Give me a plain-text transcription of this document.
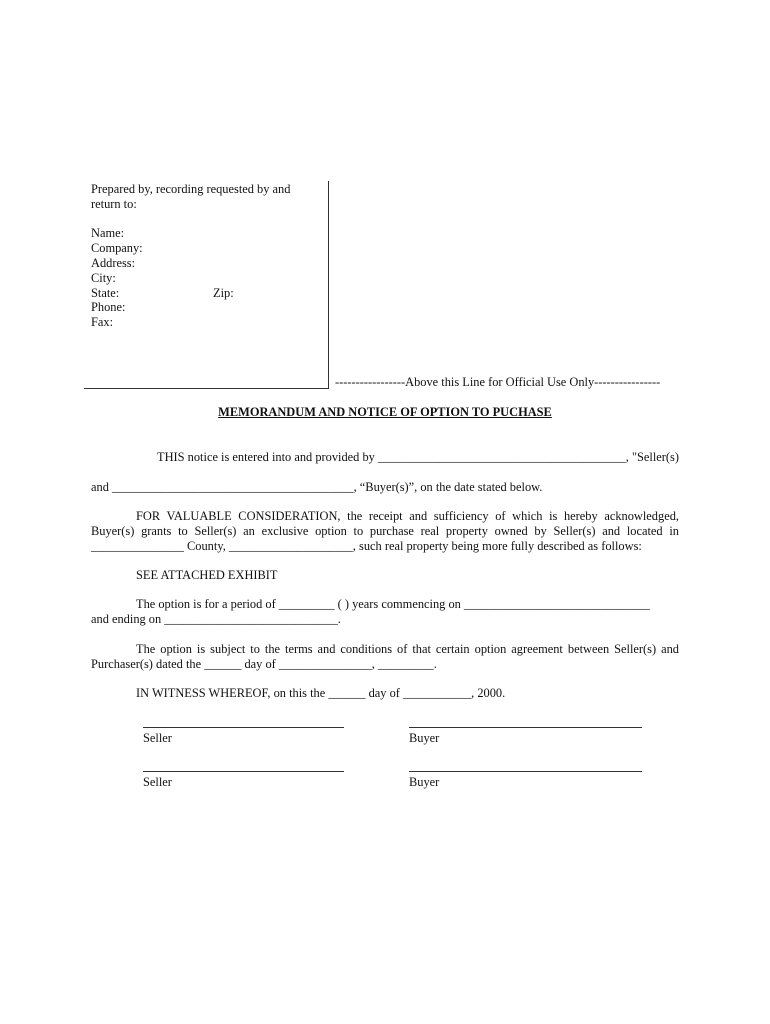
Prepared by, recording requested by and
return to:
Name:
Company:
Address:
City:
State:	Zip:
Phone:
Fax:
-----------------Above this Line for Official Use Only----------------
MEMORANDUM AND NOTICE OF OPTION TO PUCHASE
THIS notice is entered into and provided by ________________________________________, "Seller(s)
and _______________________________________, “Buyer(s)”, on the date stated below.
FOR VALUABLE CONSIDERATION, the receipt and sufficiency of which is hereby acknowledged,
Buyer(s) grants to Seller(s) an exclusive option to purchase real property owned by Seller(s) and located in
_______________ County, ____________________, such real property being more fully described as follows:
SEE ATTACHED EXHIBIT
The option is for a period of _________ ( ) years commencing on ______________________________
and ending on ____________________________.
The option is subject to the terms and conditions of that certain option agreement between Seller(s) and
Purchaser(s) dated the ______ day of _______________, _________.
IN WITNESS WHEREOF, on this the ______ day of ___________, 2000.
Seller	Buyer
Seller	Buyer
